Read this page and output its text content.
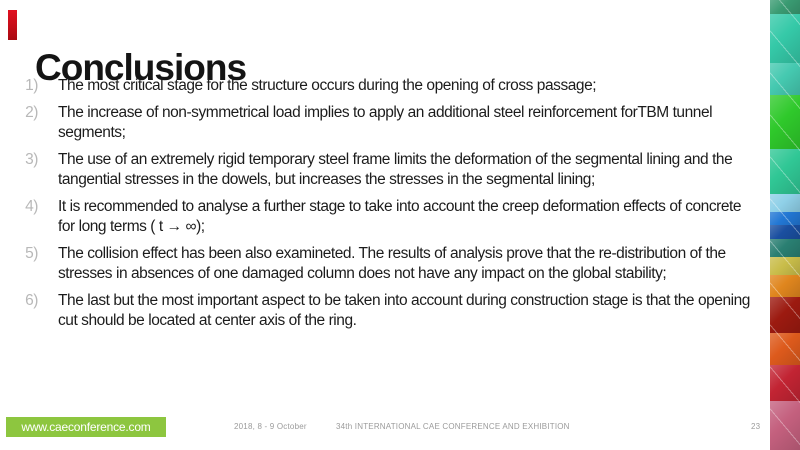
Conclusions
1) The most critical stage for the structure occurs during the opening of cross passage;
2) The increase of non-symmetrical load implies to apply an additional steel reinforcement forTBM tunnel segments;
3) The use of an extremely rigid temporary steel frame limits the deformation of the segmental lining and the tangential stresses in the dowels, but increases the stresses in the segmental lining;
4) It is recommended to analyse a further stage to take into account the creep deformation effects of concrete for long terms ( t → ∞);
5) The collision effect has been also examineted. The results of analysis prove that the re-distribution of the stresses in absences of one damaged column does not have any impact on the global stability;
6) The last but the most important aspect to be taken into account during construction stage is that the opening cut should be located at center axis of the ring.
www.caeconference.com	2018, 8 - 9 October	34th INTERNATIONAL CAE CONFERENCE AND EXHIBITION	23
